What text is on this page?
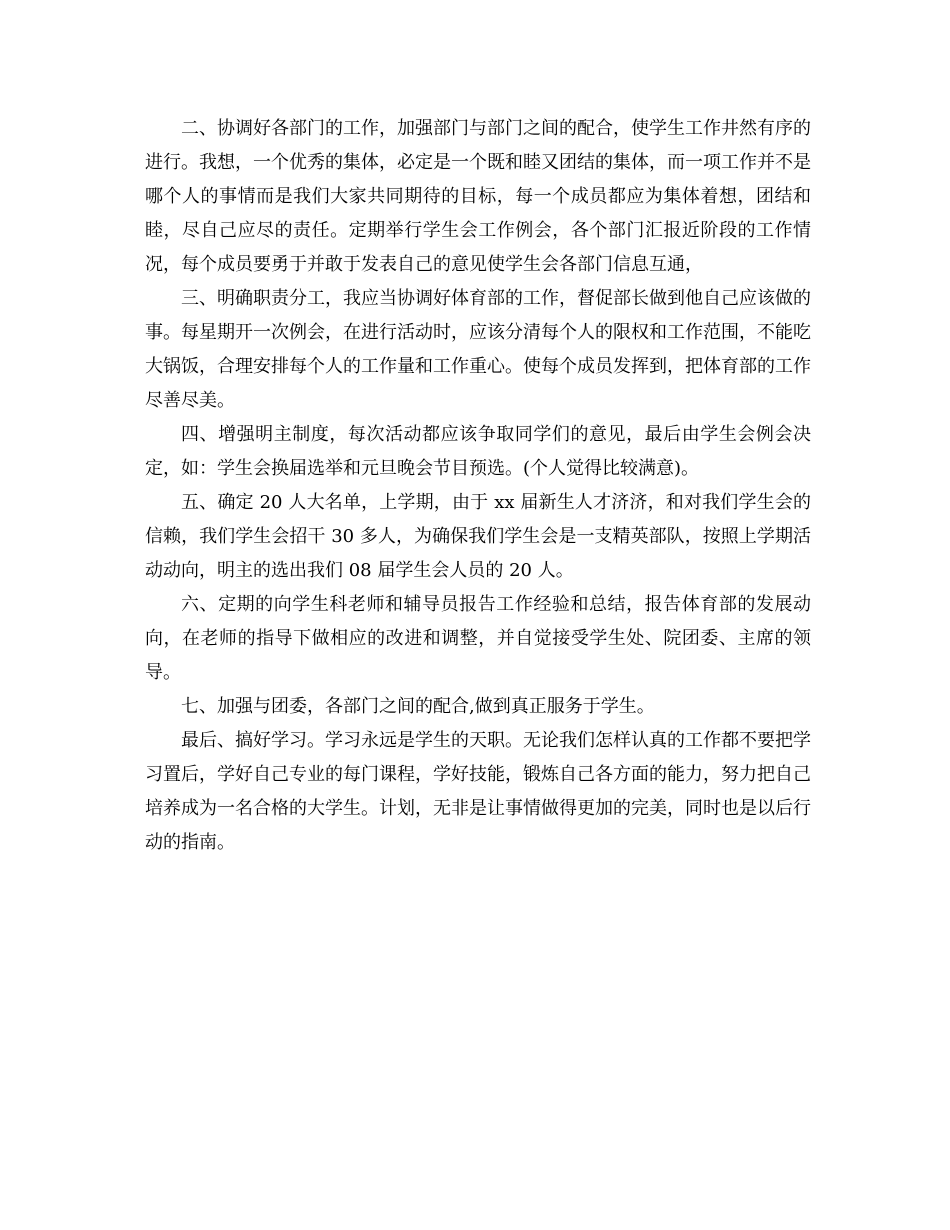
二、协调好各部门的工作，加强部门与部门之间的配合，使学生工作井然有序的进行。我想，一个优秀的集体，必定是一个既和睦又团结的集体，而一项工作并不是哪个人的事情而是我们大家共同期待的目标，每一个成员都应为集体着想，团结和睦，尽自己应尽的责任。定期举行学生会工作例会，各个部门汇报近阶段的工作情况，每个成员要勇于并敢于发表自己的意见使学生会各部门信息互通，

三、明确职责分工，我应当协调好体育部的工作，督促部长做到他自己应该做的事。每星期开一次例会，在进行活动时，应该分清每个人的限权和工作范围，不能吃大锅饭，合理安排每个人的工作量和工作重心。使每个成员发挥到，把体育部的工作尽善尽美。

四、增强明主制度，每次活动都应该争取同学们的意见，最后由学生会例会决定，如：学生会换届选举和元旦晚会节目预选。(个人觉得比较满意)。

五、确定 20 人大名单，上学期，由于 xx 届新生人才济济，和对我们学生会的信赖，我们学生会招干 30 多人，为确保我们学生会是一支精英部队，按照上学期活动动向，明主的选出我们 08 届学生会人员的 20 人。

六、定期的向学生科老师和辅导员报告工作经验和总结，报告体育部的发展动向，在老师的指导下做相应的改进和调整，并自觉接受学生处、院团委、主席的领导。

七、加强与团委，各部门之间的配合,做到真正服务于学生。

最后、搞好学习。学习永远是学生的天职。无论我们怎样认真的工作都不要把学习置后，学好自己专业的每门课程，学好技能，锻炼自己各方面的能力，努力把自己培养成为一名合格的大学生。计划，无非是让事情做得更加的完美，同时也是以后行动的指南。
